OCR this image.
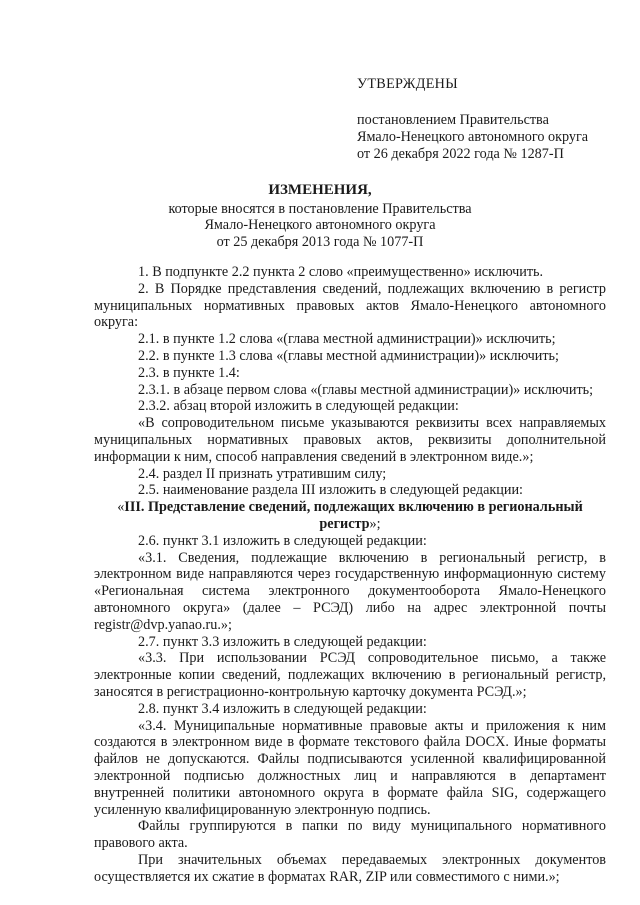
УТВЕРЖДЕНЫ
постановлением Правительства
Ямало-Ненецкого автономного округа
от 26 декабря 2022 года № 1287-П
ИЗМЕНЕНИЯ,
которые вносятся в постановление Правительства
Ямало-Ненецкого автономного округа
от 25 декабря 2013 года № 1077-П

1. В подпункте 2.2 пункта 2 слово «преимущественно» исключить.

2. В Порядке представления сведений, подлежащих включению в регистр муниципальных нормативных правовых актов Ямало-Ненецкого автономного округа:

2.1. в пункте 1.2 слова «(глава местной администрации)» исключить;

2.2. в пункте 1.3 слова «(главы местной администрации)» исключить;

2.3. в пункте 1.4:

2.3.1. в абзаце первом слова «(главы местной администрации)» исключить;

2.3.2. абзац второй изложить в следующей редакции:

«В сопроводительном письме указываются реквизиты всех направляемых муниципальных нормативных правовых актов, реквизиты дополнительной информации к ним, способ направления сведений в электронном виде.»;

2.4. раздел II признать утратившим силу;

2.5. наименование раздела III изложить в следующей редакции:

«III. Представление сведений, подлежащих включению в региональный регистр»;

2.6. пункт 3.1 изложить в следующей редакции:

«3.1. Сведения, подлежащие включению в региональный регистр, в электронном виде направляются через государственную информационную систему «Региональная система электронного документооборота Ямало-Ненецкого автономного округа» (далее – РСЭД) либо на адрес электронной почты registr@dvp.yanao.ru.»;

2.7. пункт 3.3 изложить в следующей редакции:

«3.3. При использовании РСЭД сопроводительное письмо, а также электронные копии сведений, подлежащих включению в региональный регистр, заносятся в регистрационно-контрольную карточку документа РСЭД.»;

2.8. пункт 3.4 изложить в следующей редакции:

«3.4. Муниципальные нормативные правовые акты и приложения к ним создаются в электронном виде в формате текстового файла DOCX. Иные форматы файлов не допускаются. Файлы подписываются усиленной квалифицированной электронной подписью должностных лиц и направляются в департамент внутренней политики автономного округа в формате файла SIG, содержащего усиленную квалифицированную электронную подпись.

Файлы группируются в папки по виду муниципального нормативного правового акта.

При значительных объемах передаваемых электронных документов осуществляется их сжатие в форматах RAR, ZIP или совместимого с ними.»;
